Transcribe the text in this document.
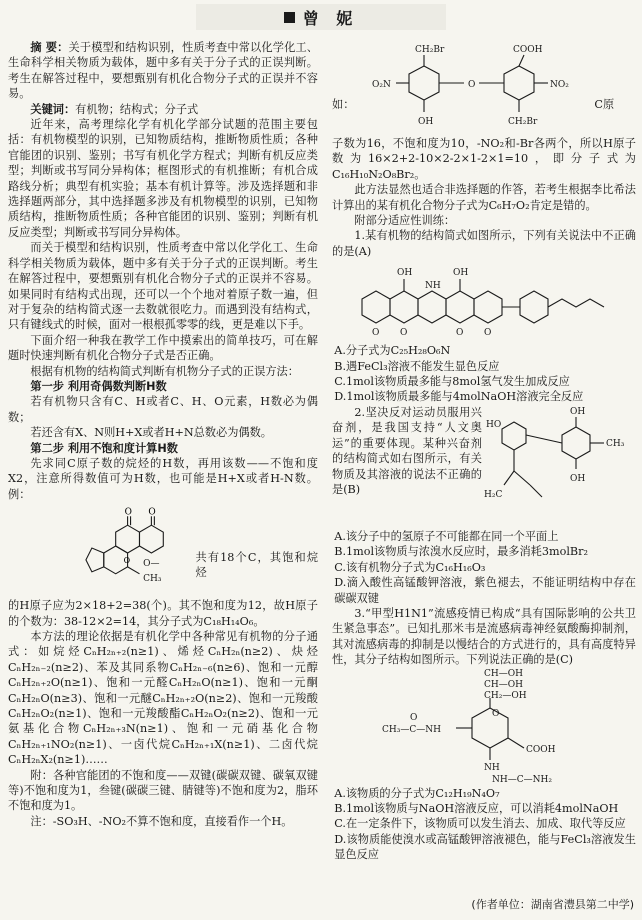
曾 妮

摘 要：关于模型和结构识别，性质考查中常以化学化工、生命科学相关物质为载体，题中多有关于分子式的正误判断。考生在解答过程中，要想甄别有机化合物分子式的正误并不容易。

关键词：有机物；结构式；分子式

近年来，高考理综化学有机化学部分试题的范围主要包括：有机物模型的识别，已知物质结构，推断物质性质；各种官能团的识别、鉴别；书写有机化学方程式；判断有机反应类型；判断或书写同分异构体；框图形式的有机推断；有机合成路线分析；典型有机实验；基本有机计算等。涉及选择题和非选择题两部分，其中选择题多涉及有机物模型的识别，已知物质结构，推断物质性质；各种官能团的识别、鉴别；判断有机反应类型；判断或书写同分异构体。

而关于模型和结构识别，性质考查中常以化学化工、生命科学相关物质为载体，题中多有关于分子式的正误判断。考生在解答过程中，要想甄别有机化合物分子式的正误并不容易。如果同时有结构式出现，还可以一个个地对着原子数一遍，但对于复杂的结构简式逐一去数就很吃力。而遇到没有结构式，只有键线式的时候，面对一根根孤零零的线，更是难以下手。

下面介绍一种我在教学工作中摸索出的简单技巧，可在解题时快速判断有机化合物分子式是否正确。

根据有机物的结构简式判断有机物分子式的正误方法：

第一步 利用奇偶数判断H数

若有机物只含有C、H或者C、H、O元素，H数必为偶数；

若还含有X、N则H+X或者H+N总数必为偶数。

第二步 利用不饱和度计算H数

先求同C原子数的烷烃的H数，再用该数——不饱和度X2，注意所得数值可为H数，也可能是H+X或者H-N数。例：

O O
O O—CH₃
共有18个C，其饱和烷烃

的H原子应为2×18+2=38(个)。其不饱和度为12，故H原子的个数为：38-12×2=14，其分子式为C₁₈H₁₄O₆。

本方法的理论依据是有机化学中各种常见有机物的分子通式：如烷烃CₙH₂ₙ₊₂(n≥1)、烯烃CₙH₂ₙ(n≥2)、炔烃CₙH₂ₙ₋₂(n≥2)、苯及其同系物CₙH₂ₙ₋₆(n≥6)、饱和一元醇CₙH₂ₙ₊₂O(n≥1)、饱和一元醛CₙH₂ₙO(n≥1)、饱和一元酮CₙH₂ₙO(n≥3)、饱和一元醚CₙH₂ₙ₊₂O(n≥2)、饱和一元羧酸CₙH₂ₙO₂(n≥1)、饱和一元羧酸酯CₙH₂ₙO₂(n≥2)、饱和一元氨基化合物CₙH₂ₙ₊₃N(n≥1)、饱和一元硝基化合物CₙH₂ₙ₊₁NO₂(n≥1)、一卤代烷CₙH₂ₙ₊₁X(n≥1)、二卤代烷CₙH₂ₙX₂(n≥1)……

附：各种官能团的不饱和度——双键(碳碳双键、碳氧双键等)不饱和度为1，叁键(碳碳三键、腈键等)不饱和度为2，脂环不饱和度为1。

注：-SO₃H、-NO₂不算不饱和度，直接看作一个H。

如：
CH₂Br	COOH
O₂N	O	NO₂
OH	CH₂Br
C原

子数为16，不饱和度为10，-NO₂和-Br各两个，所以H原子数为16×2+2-10×2-2×1-2×1=10，即分子式为C₁₆H₁₀N₂O₈Br₂。

此方法显然也适合非选择题的作答，若考生根据李比希法计算出的某有机化合物分子式为C₆H₇O₂肯定是错的。

附部分适应性训练：

1.某有机物的结构简式如图所示，下列有关说法中不正确的是(A)

OH	OH
NH
O O	O O

A.分子式为C₂₅H₂₈O₆N

B.遇FeCl₃溶液不能发生显色反应

C.1mol该物质最多能与8mol氢气发生加成反应

D.1mol该物质最多能与4molNaOH溶液完全反应

2.坚决反对运动员服用兴奋剂，是我国支持“人文奥运”的重要体现。某种兴奋剂的结构简式如右图所示，有关物质及其溶液的说法不正确的是(B)

HO
OH
CH₃
H₂C
OH

A.该分子中的氢原子不可能都在同一个平面上

B.1mol该物质与浓溴水反应时，最多消耗3molBr₂

C.该有机物分子式为C₁₆H₁₆O₃

D.滴入酸性高锰酸钾溶液，紫色褪去，不能证明结构中存在碳碳双键

3.“甲型H1N1”流感疫情已构成“具有国际影响的公共卫生紧急事态”。已知扎那米韦是流感病毒神经氨酸酶抑制剂，其对流感病毒的抑制是以慢结合的方式进行的，具有高度特异性，其分子结构如图所示。下列说法正确的是(C)

CH—OH
CH—OH
CH₂—OH
O
CH₃—C—NH
O
COOH
NH
NH—C—NH₂

A.该物质的分子式为C₁₂H₁₉N₄O₇

B.1mol该物质与NaOH溶液反应，可以消耗4molNaOH

C.在一定条件下，该物质可以发生消去、加成、取代等反应

D.该物质能使溴水或高锰酸钾溶液褪色，能与FeCl₃溶液发生显色反应

(作者单位：湖南省澧县第二中学)
